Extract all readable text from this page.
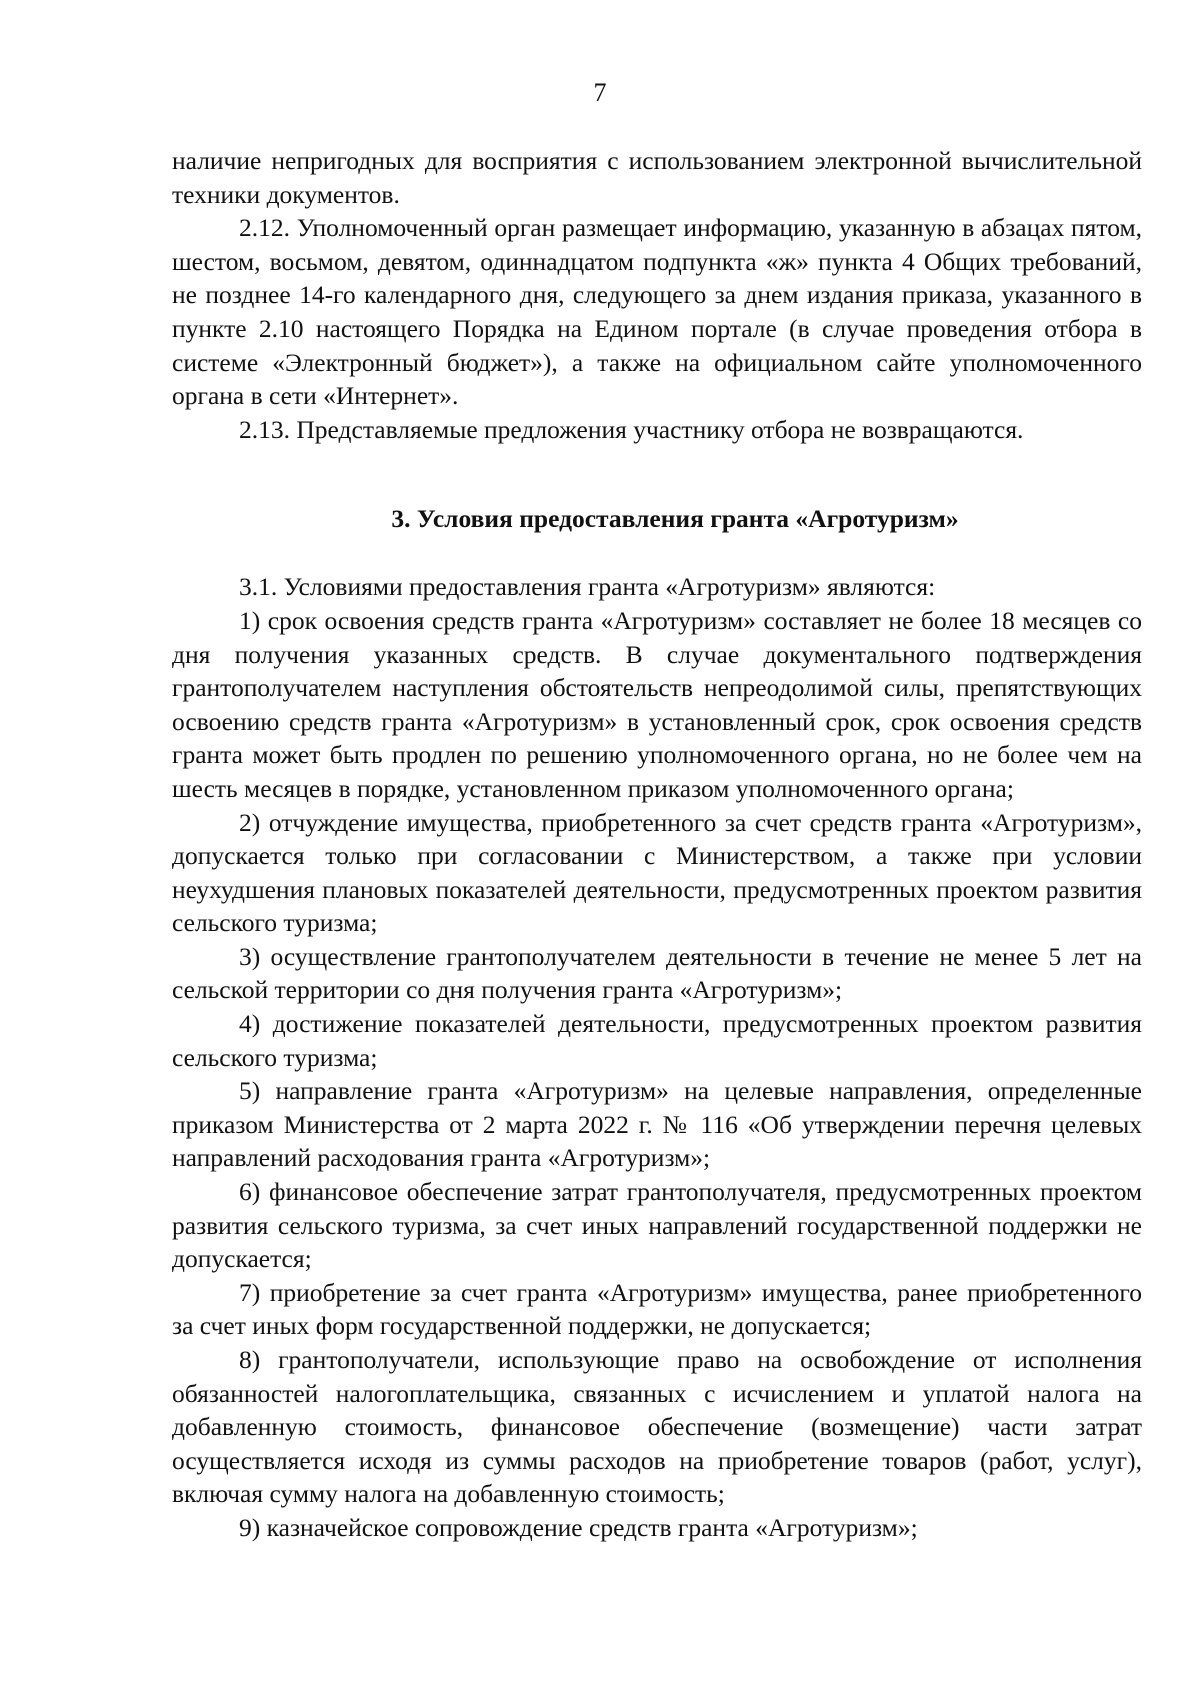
7

наличие непригодных для восприятия с использованием электронной вычислительной техники документов.

2.12. Уполномоченный орган размещает информацию, указанную в абзацах пятом, шестом, восьмом, девятом, одиннадцатом подпункта «ж» пункта 4 Общих требований, не позднее 14-го календарного дня, следующего за днем издания приказа, указанного в пункте 2.10 настоящего Порядка на Едином портале (в случае проведения отбора в системе «Электронный бюджет»), а также на официальном сайте уполномоченного органа в сети «Интернет».

2.13. Представляемые предложения участнику отбора не возвращаются.

3. Условия предоставления гранта «Агротуризм»

3.1. Условиями предоставления гранта «Агротуризм» являются:

1) срок освоения средств гранта «Агротуризм» составляет не более 18 месяцев со дня получения указанных средств. В случае документального подтверждения грантополучателем наступления обстоятельств непреодолимой силы, препятствующих освоению средств гранта «Агротуризм» в установленный срок, срок освоения средств гранта может быть продлен по решению уполномоченного органа, но не более чем на шесть месяцев в порядке, установленном приказом уполномоченного органа;

2) отчуждение имущества, приобретенного за счет средств гранта «Агротуризм», допускается только при согласовании с Министерством, а также при условии неухудшения плановых показателей деятельности, предусмотренных проектом развития сельского туризма;

3) осуществление грантополучателем деятельности в течение не менее 5 лет на сельской территории со дня получения гранта «Агротуризм»;

4) достижение показателей деятельности, предусмотренных проектом развития сельского туризма;

5) направление гранта «Агротуризм» на целевые направления, определенные приказом Министерства от 2 марта 2022 г. № 116 «Об утверждении перечня целевых направлений расходования гранта «Агротуризм»;

6) финансовое обеспечение затрат грантополучателя, предусмотренных проектом развития сельского туризма, за счет иных направлений государственной поддержки не допускается;

7) приобретение за счет гранта «Агротуризм» имущества, ранее приобретенного за счет иных форм государственной поддержки, не допускается;

8) грантополучатели, использующие право на освобождение от исполнения обязанностей налогоплательщика, связанных с исчислением и уплатой налога на добавленную стоимость, финансовое обеспечение (возмещение) части затрат осуществляется исходя из суммы расходов на приобретение товаров (работ, услуг), включая сумму налога на добавленную стоимость;

9) казначейское сопровождение средств гранта «Агротуризм»;
